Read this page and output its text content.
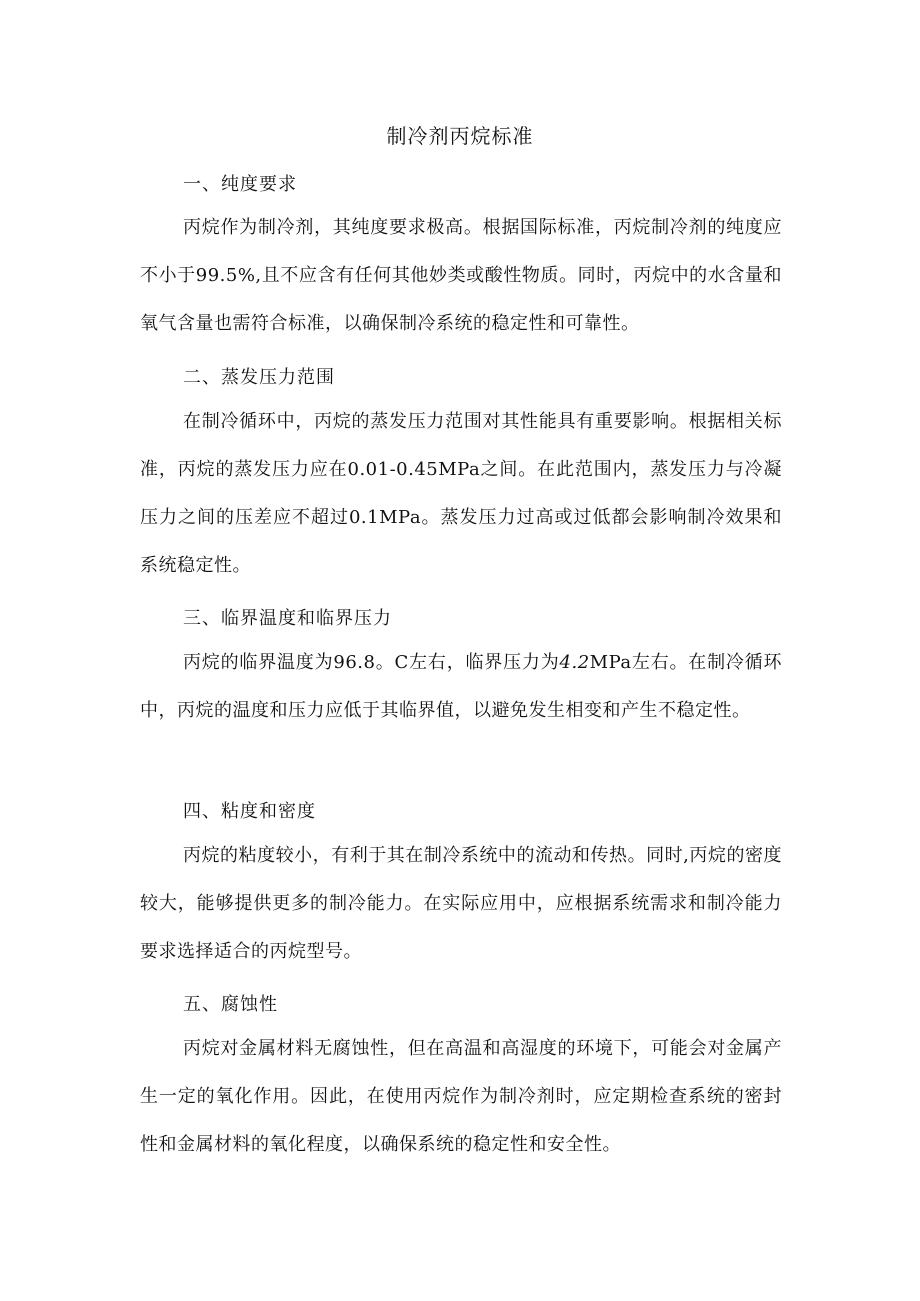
制冷剂丙烷标准
一、纯度要求

丙烷作为制冷剂，其纯度要求极高。根据国际标准，丙烷制冷剂的纯度应不小于99.5%,且不应含有任何其他妙类或酸性物质。同时，丙烷中的水含量和氧气含量也需符合标准，以确保制冷系统的稳定性和可靠性。

二、蒸发压力范围

在制冷循环中，丙烷的蒸发压力范围对其性能具有重要影响。根据相关标准，丙烷的蒸发压力应在0.01-0.45MPa之间。在此范围内，蒸发压力与冷凝压力之间的压差应不超过0.1MPa。蒸发压力过高或过低都会影响制冷效果和系统稳定性。

三、临界温度和临界压力

丙烷的临界温度为96.8。C左右，临界压力为4.2MPa左右。在制冷循环中，丙烷的温度和压力应低于其临界值，以避免发生相变和产生不稳定性。

四、粘度和密度

丙烷的粘度较小，有利于其在制冷系统中的流动和传热。同时,丙烷的密度较大，能够提供更多的制冷能力。在实际应用中，应根据系统需求和制冷能力要求选择适合的丙烷型号。

五、腐蚀性

丙烷对金属材料无腐蚀性，但在高温和高湿度的环境下，可能会对金属产生一定的氧化作用。因此，在使用丙烷作为制冷剂时，应定期检查系统的密封性和金属材料的氧化程度，以确保系统的稳定性和安全性。
